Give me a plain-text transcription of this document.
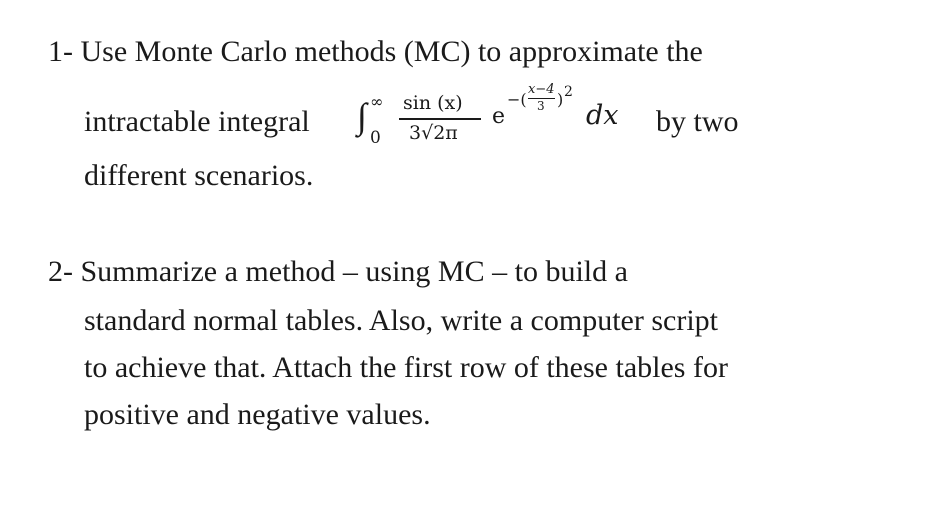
1- Use Monte Carlo methods (MC) to approximate the
intractable integral ∫ ∞
0
sin (x)
3√2π
e
−(
x−4
3 ) 2
dx by two
different scenarios.
2- Summarize a method – using MC – to build a
standard normal tables. Also, write a computer script
to achieve that. Attach the first row of these tables for
positive and negative values.
